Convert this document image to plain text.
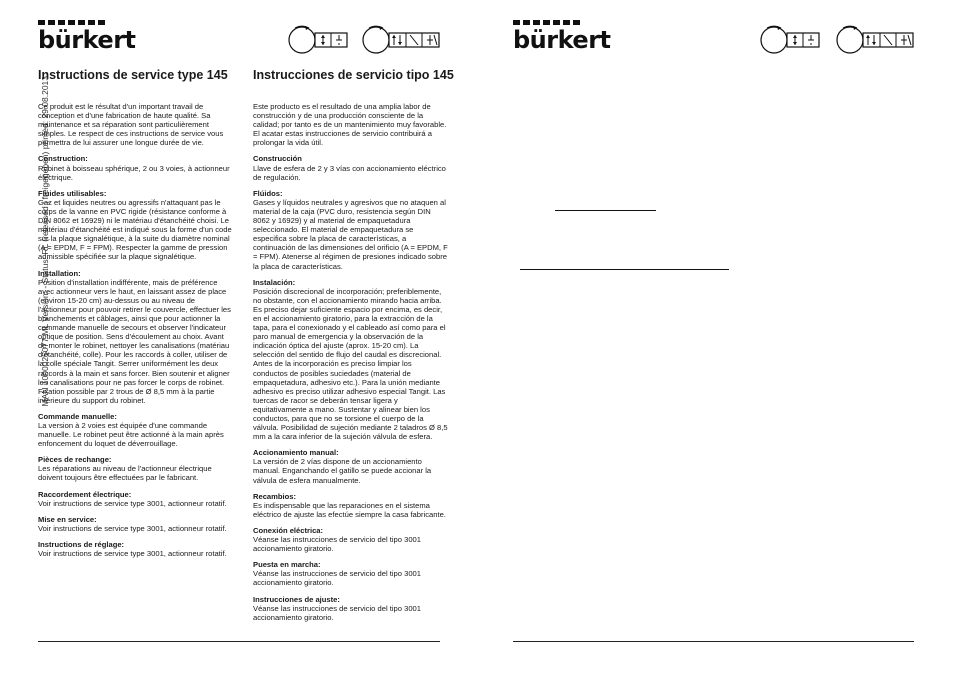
bürkert	bürkert
Instructions de service type 145 Instrucciones de servicio tipo 145
MAN 1000025077 ML Version: - Status: RL (released | freigegeben) printed: 29.08.2013

Ce produit est le résultat d'un important travail de conception et d'une fabrication de haute qualité. Sa maintenance et sa réparation sont particulièrement simples. Le respect de ces instructions de service vous permettra de lui assurer une longue durée de vie.

Construction:

Robinet à boisseau sphérique, 2 ou 3 voies, à actionneur électrique.

Fluides utilisables:

Gaz et liquides neutres ou agressifs n'attaquant pas le corps de la vanne en PVC rigide (résistance conforme à DIN 8062 et 16929) ni le matériau d'étanchéité choisi. Le matériau d'étanchéité est indiqué sous la forme d'un code sur la plaque signalétique, à la suite du diamètre nominal (A = EPDM, F = FPM). Respecter la gamme de pression admissible spécifiée sur la plaque signalétique.

Installation:

Position d'installation indifférente, mais de préférence avec actionneur vers le haut, en laissant assez de place (environ 15-20 cm) au-dessus ou au niveau de l'actionneur pour pouvoir retirer le couvercle, effectuer les branchements et câblages, ainsi que pour actionner la commande manuelle de secours et observer l'indicateur optique de position. Sens d'écoulement au choix. Avant de monter le robinet, nettoyer les canalisations (matériau d'étanchéité, colle). Pour les raccords à coller, utiliser de la colle spéciale Tangit. Serrer uniformément les deux raccords à la main et sans forcer. Bien soutenir et aligner les canalisations pour ne pas forcer le corps de robinet. Fixation possible par 2 trous de Ø 8,5 mm à la partie inférieure du support du robinet.

Commande manuelle:

La version à 2 voies est équipée d'une commande manuelle. Le robinet peut être actionné à la main après enfoncement du loquet de déverrouillage.

Pièces de rechange:

Les réparations au niveau de l'actionneur électrique doivent toujours être effectuées par le fabricant.

Raccordement électrique:

Voir instructions de service type 3001, actionneur rotatif.

Mise en service:

Voir instructions de service type 3001, actionneur rotatif.

Instructions de réglage:

Voir instructions de service type 3001, actionneur rotatif.

Este producto es el resultado de una amplia labor de construcción y de una producción consciente de la calidad; por tanto es de un mantenimiento muy favorable. El acatar estas instrucciones de servicio contribuirá a prolongar la vida útil.

Construcción

Llave de esfera de 2 y 3 vías con accionamiento eléctrico de regulación.

Flúidos:

Gases y líquidos neutrales y agresivos que no ataquen al material de la caja (PVC duro, resistencia según DIN 8062 y 16929) y al material de empaquetadura seleccionado. El material de empaquetadura se especifica sobre la placa de características, a continuación de las dimensiones del orificio (A = EPDM, F = FPM). Atenerse al régimen de presiones indicado sobre la placa de características.

Instalación:

Posición discrecional de incorporación; preferiblemente, no obstante, con el accionamiento mirando hacia arriba. Es preciso dejar suficiente espacio por encima, es decir, en el accionamiento giratorio, para la extracción de la tapa, para el conexionado y el cableado así como para el paro manual de emergencia y la observación de la indicación óptica del ajuste (aprox. 15-20 cm). La selección del sentido de flujo del caudal es discrecional. Antes de la incorporación es preciso limpiar los conductos de posibles suciedades (material de empaquetadura, adhesivo etc.). Para la unión mediante adhesivo es preciso utilizar adhesivo especial Tangit. Las tuercas de racor se deberán tensar ligera y equitativamente a mano. Sustentar y alinear bien los conductos, para que no se torsione el cuerpo de la válvula. Posibilidad de sujeción mediante 2 taladros Ø 8,5 mm a la cara inferior de la sujeción válvula de esfera.

Accionamiento manual:

La versión de 2 vías dispone de un accionamiento manual. Enganchando el gatillo se puede accionar la válvula de esfera manualmente.

Recambios:

Es indispensable que las reparaciones en el sistema eléctrico de ajuste las efectúe siempre la casa fabricante.

Conexión eléctrica:

Véanse las instrucciones de servicio del tipo 3001 accionamiento giratorio.

Puesta en marcha:

Véanse las instrucciones de servicio del tipo 3001 accionamiento giratorio.

Instrucciones de ajuste:

Véanse las instrucciones de servicio del tipo 3001 accionamiento giratorio.
